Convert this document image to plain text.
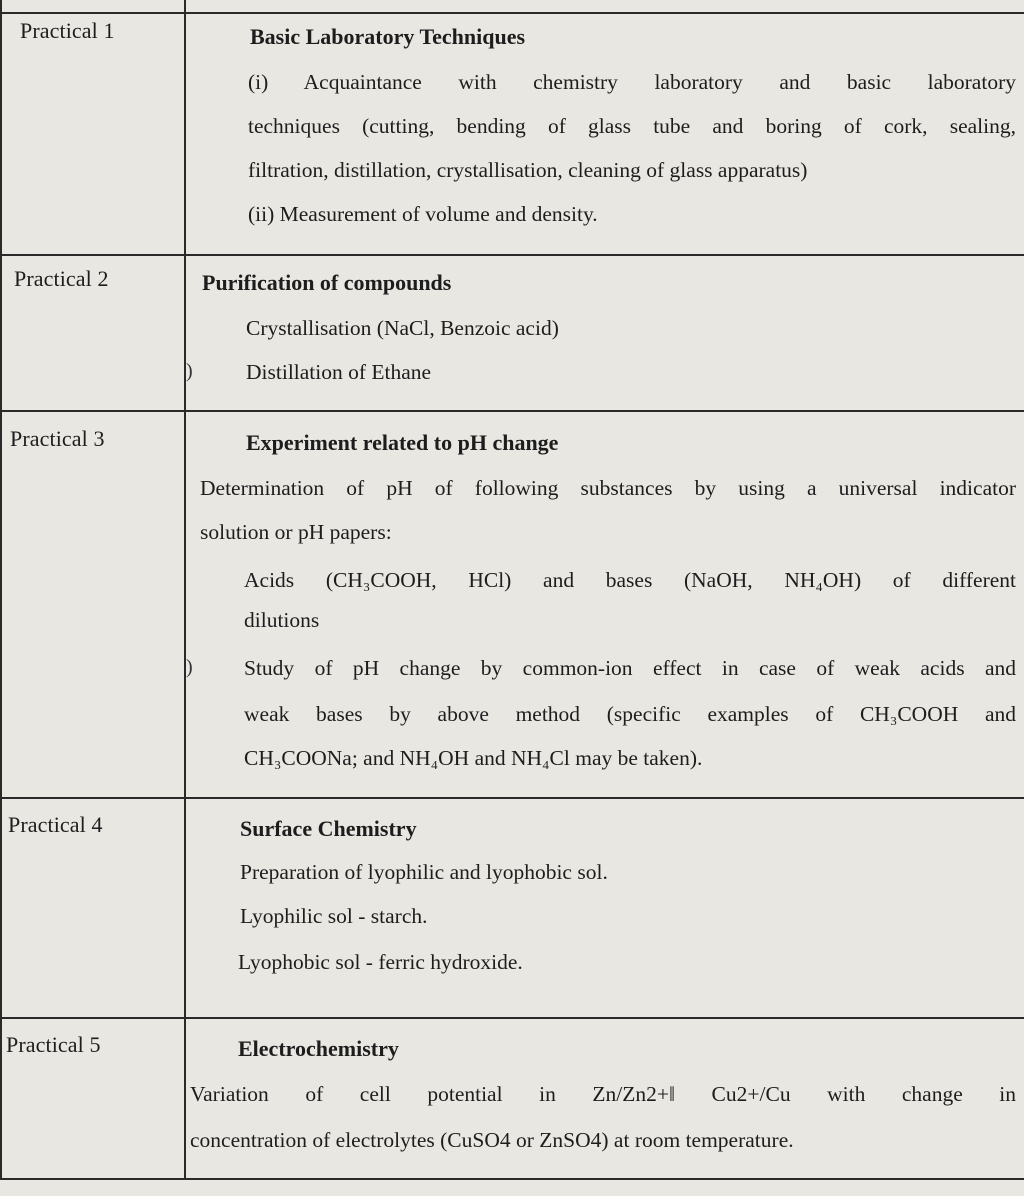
Practical 1	Basic Laboratory Techniques
(i) Acquaintance with chemistry laboratory and basic laboratory
techniques (cutting, bending of glass tube and boring of cork, sealing,
filtration, distillation, crystallisation, cleaning of glass apparatus)
(ii) Measurement of volume and density.
Practical 2	Purification of compounds
)
Crystallisation (NaCl, Benzoic acid)
Distillation of Ethane
Practical 3	Experiment related to pH change
Determination of pH of following substances by using a universal indicator
solution or pH papers:
Acids (CH₃COOH, HCl) and bases (NaOH, NH₄OH) of different
dilutions
) Study of pH change by common-ion effect in case of weak acids and
weak bases by above method (specific examples of CH₃COOH and
CH₃COONa; and NH₄OH and NH₄Cl may be taken).
Practical 4	Surface Chemistry
Preparation of lyophilic and lyophobic sol.
Lyophilic sol - starch.
Lyophobic sol - ferric hydroxide.
Practical 5	Electrochemistry
Variation of cell potential in Zn/Zn2+‖ Cu2+/Cu with change in
concentration of electrolytes (CuSO4 or ZnSO4) at room temperature.
